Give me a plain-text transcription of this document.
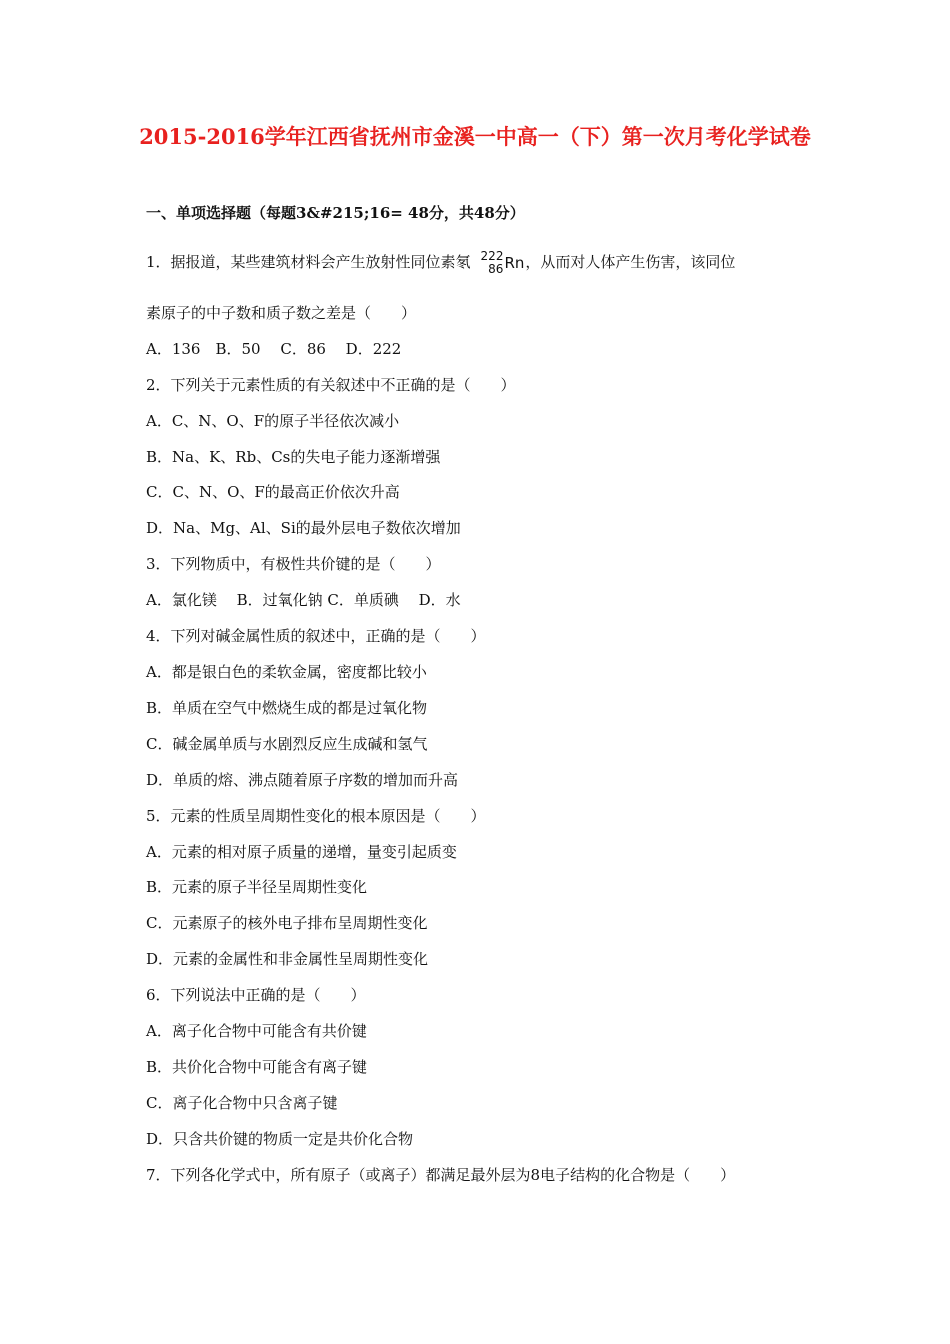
2015-2016学年江西省抚州市金溪一中高一（下）第一次月考化学试卷
一、单项选择题（每题3&#215;16= 48分，共48分）
1．据报道，某些建筑材料会产生放射性同位素氡 222
86 Rn，从而对人体产生伤害，该同位
素原子的中子数和质子数之差是（　　）
A．136　B．50　 C．86　 D．222
2．下列关于元素性质的有关叙述中不正确的是（　　）
A．C、N、O、F的原子半径依次减小
B．Na、K、Rb、Cs的失电子能力逐渐增强
C．C、N、O、F的最高正价依次升高
D．Na、Mg、Al、Si的最外层电子数依次增加
3．下列物质中，有极性共价键的是（　　）
A．氯化镁　 B．过氧化钠 C．单质碘　 D．水
4．下列对碱金属性质的叙述中，正确的是（　　）
A．都是银白色的柔软金属，密度都比较小
B．单质在空气中燃烧生成的都是过氧化物
C．碱金属单质与水剧烈反应生成碱和氢气
D．单质的熔、沸点随着原子序数的增加而升高
5．元素的性质呈周期性变化的根本原因是（　　）
A．元素的相对原子质量的递增，量变引起质变
B．元素的原子半径呈周期性变化
C．元素原子的核外电子排布呈周期性变化
D．元素的金属性和非金属性呈周期性变化
6．下列说法中正确的是（　　）
A．离子化合物中可能含有共价键
B．共价化合物中可能含有离子键
C．离子化合物中只含离子键
D．只含共价键的物质一定是共价化合物
7．下列各化学式中，所有原子（或离子）都满足最外层为8电子结构的化合物是（　　）
